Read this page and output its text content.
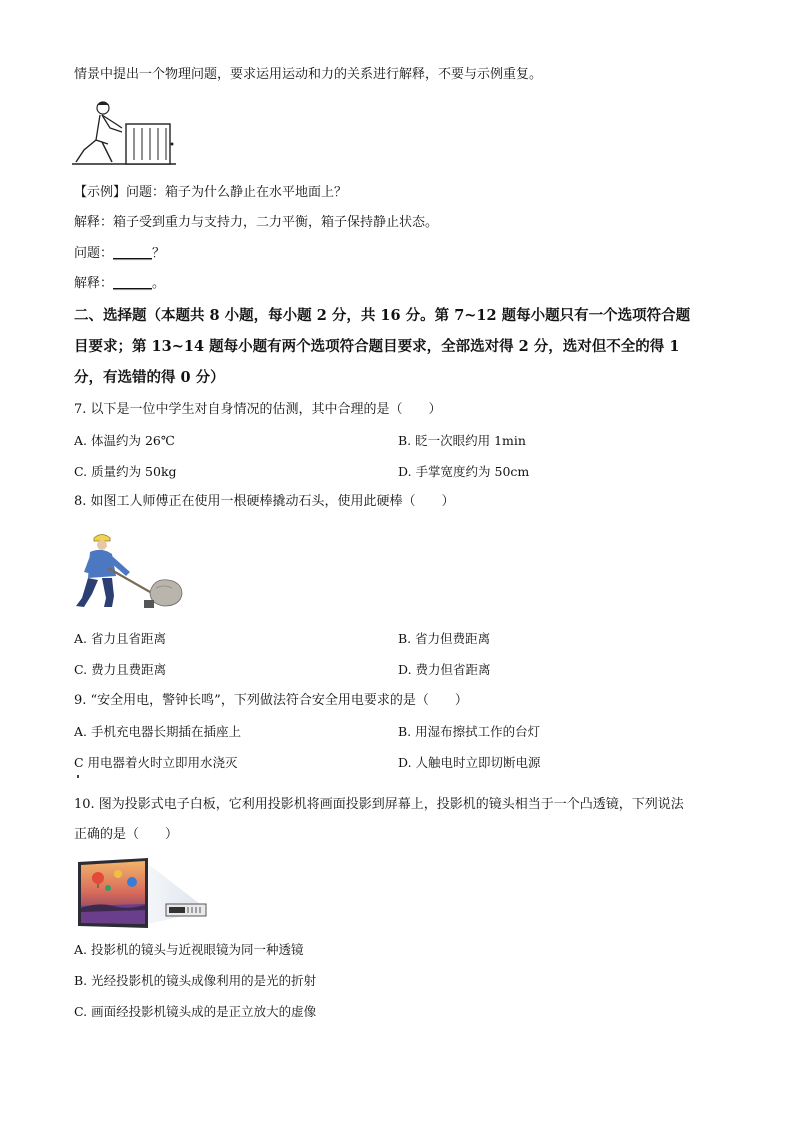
情景中提出一个物理问题，要求运用运动和力的关系进行解释，不要与示例重复。
【示例】问题：箱子为什么静止在水平地面上？
解释：箱子受到重力与支持力，二力平衡，箱子保持静止状态。
问题：______？
解释：______。
二、选择题（本题共 8 小题，每小题 2 分，共 16 分。第 7~12 题每小题只有一个选项符合题
目要求；第 13~14 题每小题有两个选项符合题目要求，全部选对得 2 分，选对但不全的得 1
分，有选错的得 0 分）
7. 以下是一位中学生对自身情况的估测，其中合理的是（　　）
A. 体温约为 26℃	B. 眨一次眼约用 1min
C. 质量约为 50kg	D. 手掌宽度约为 50cm
8. 如图工人师傅正在使用一根硬棒撬动石头，使用此硬棒（　　）
A. 省力且省距离	B. 省力但费距离
C. 费力且费距离	D. 费力但省距离
9. “安全用电，警钟长鸣”，下列做法符合安全用电要求的是（　　）
A. 手机充电器长期插在插座上	B. 用湿布擦拭工作的台灯
C 用电器着火时立即用水浇灭	D. 人触电时立即切断电源
10. 图为投影式电子白板，它利用投影机将画面投影到屏幕上，投影机的镜头相当于一个凸透镜，下列说法
正确的是（　　）
A. 投影机的镜头与近视眼镜为同一种透镜
B. 光经投影机的镜头成像利用的是光的折射
C. 画面经投影机镜头成的是正立放大的虚像
